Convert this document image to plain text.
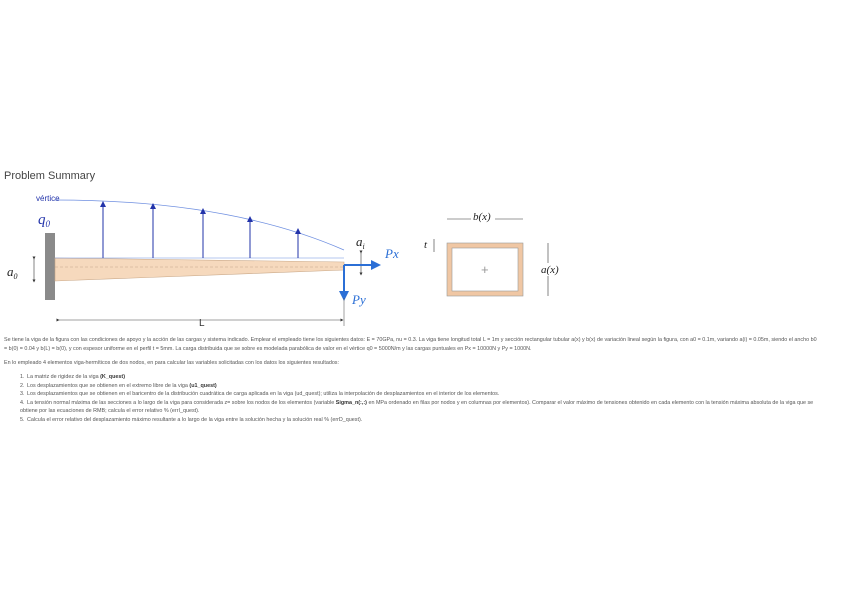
Problem Summary
vértice
$q_0$
$a_0$
$a_i$ Px
Py
L
+
b(x)
t
a(x)

Se tiene la viga de la figura con las condiciones de apoyo y la acción de las cargas y sistema indicado. Emplear el empleado tiene los siguientes datos: E = 70GPa, nu = 0.3. La viga tiene longitud total L = 1m y sección rectangular tubular a(x) y b(x) de variación lineal según la figura, con a0 = 0.1m, variando a(i) = 0.05m, siendo el ancho b0 = b(0) = 0.04 y b(L) = b(0), y con espesor uniforme en el perfil t = 5mm. La carga distribuida que se sobre es modelada parabólica de valor en el vértice q0 = 5000N/m y las cargas puntuales en Px = 10000N y Py = 1000N.

En lo empleado 4 elementos viga-hermíticos de dos nodos, en para calcular las variables solicitadas con los datos los siguientes resultados:
1. La matriz de rigidez de la viga (K_quest)
2. Los desplazamientos que se obtienen en el extremo libre de la viga (u1_quest)
3. Los desplazamientos que se obtienen en el baricentro de la distribución cuadrática de carga aplicada en la viga (ud_quest); utiliza la interpolación de desplazamientos en el interior de los elementos.
4. La tensión normal máxima de las secciones a lo largo de la viga para considerada z= sobre los nodos de los elementos (variable Sigma_n(:,:) en MPa ordenado en filas por nodos y en columnas por elementos). Comparar el valor máximo de tensiones obtenido en cada elemento con la tensión máxima absoluta de la viga que se obtiene por las ecuaciones de RMB; calcula el error relativo % (errI_quest).
5. Calcula el error relativo del desplazamiento máximo resultante a lo largo de la viga entre la solución hecha y la solución real % (errD_quest).
